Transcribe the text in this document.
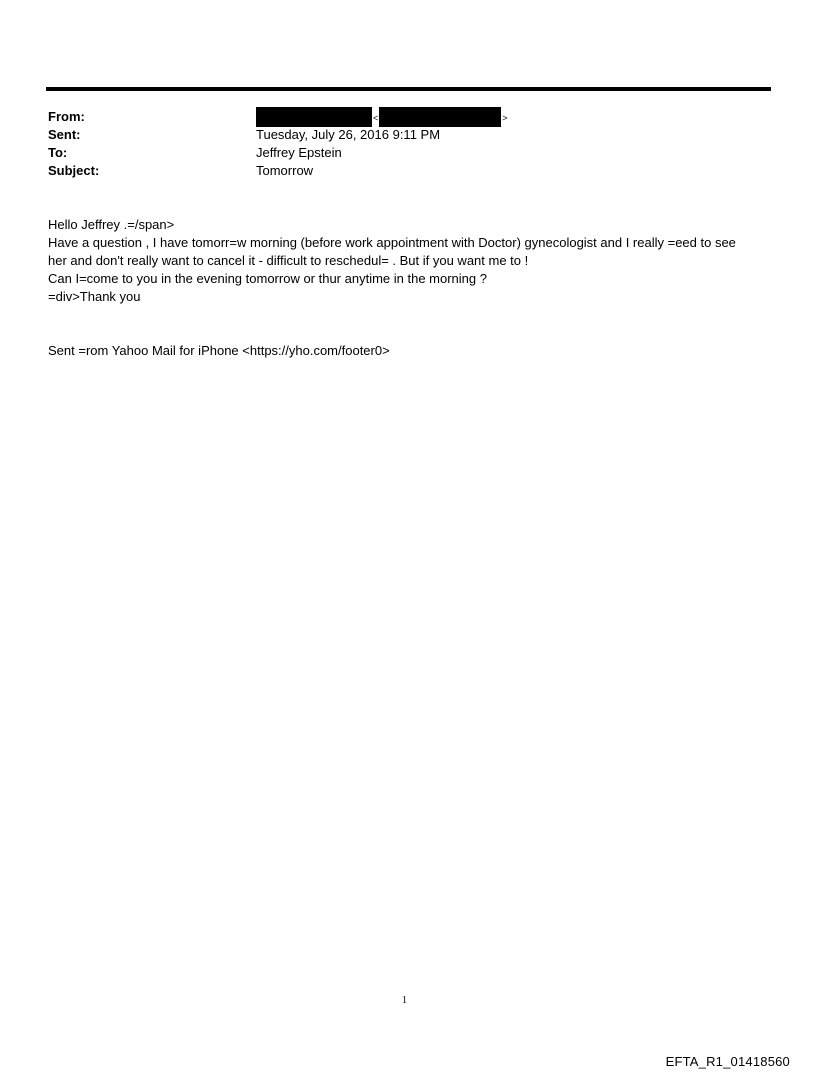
From:	<	>
Sent:	Tuesday, July 26, 2016 9:11 PM
To:	Jeffrey Epstein
Subject:	Tomorrow

Hello Jeffrey .=/span>

Have a question , I have tomorr=w morning (before work appointment with Doctor) gynecologist and I really =eed to see

her and don't really want to cancel it - difficult to reschedul= . But if you want me to !

Can I=come to you in the evening tomorrow or thur anytime in the morning ?

=div>Thank you

Sent =rom Yahoo Mail for iPhone <https://yho.com/footer0>
1
EFTA_R1_01418560
